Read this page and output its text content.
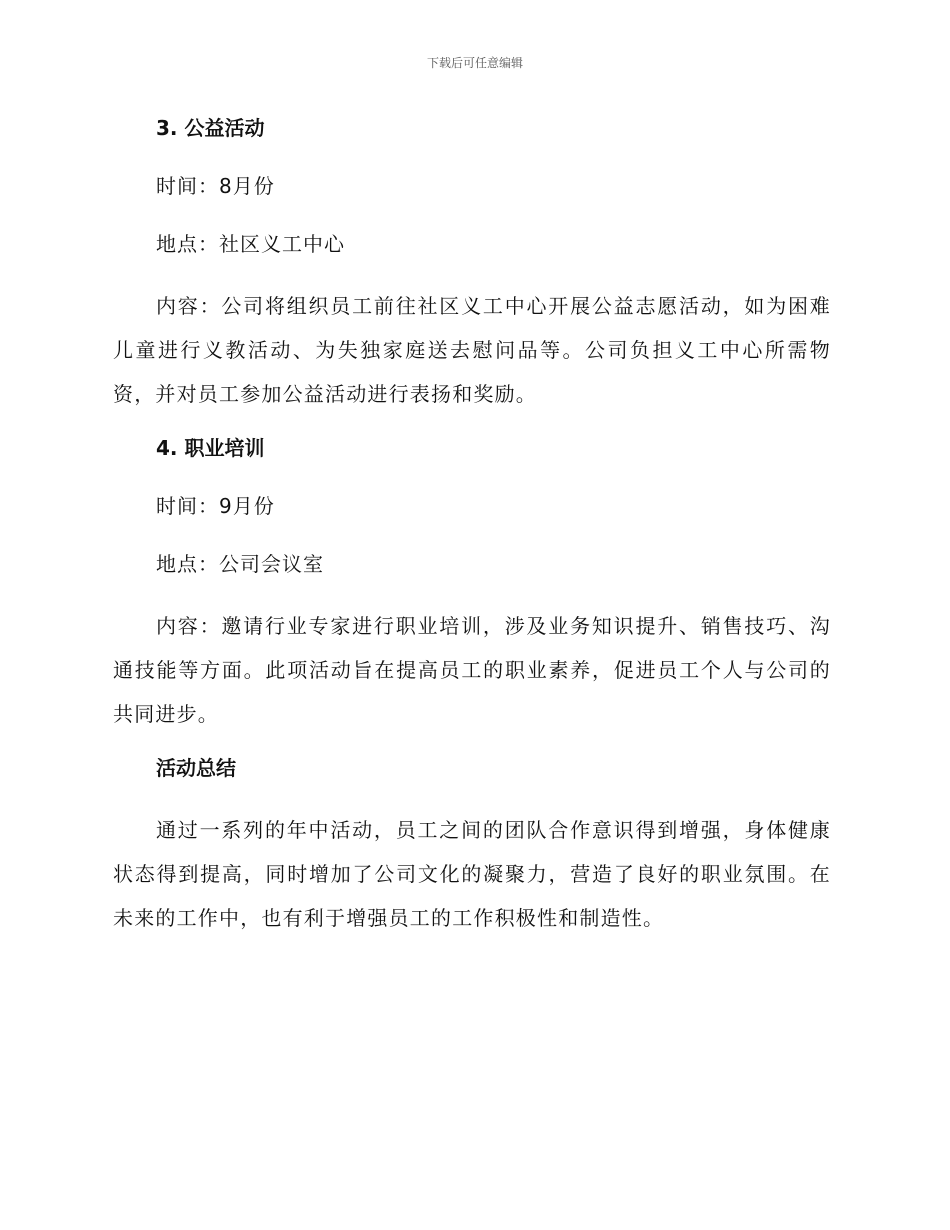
下载后可任意编辑
3. 公益活动
时间：8月份
地点：社区义工中心
内容：公司将组织员工前往社区义工中心开展公益志愿活动，如为困难儿童进行义教活动、为失独家庭送去慰问品等。公司负担义工中心所需物资，并对员工参加公益活动进行表扬和奖励。
4. 职业培训
时间：9月份
地点：公司会议室
内容：邀请行业专家进行职业培训，涉及业务知识提升、销售技巧、沟通技能等方面。此项活动旨在提高员工的职业素养，促进员工个人与公司的共同进步。
活动总结
通过一系列的年中活动，员工之间的团队合作意识得到增强，身体健康状态得到提高，同时增加了公司文化的凝聚力，营造了良好的职业氛围。在未来的工作中，也有利于增强员工的工作积极性和制造性。
